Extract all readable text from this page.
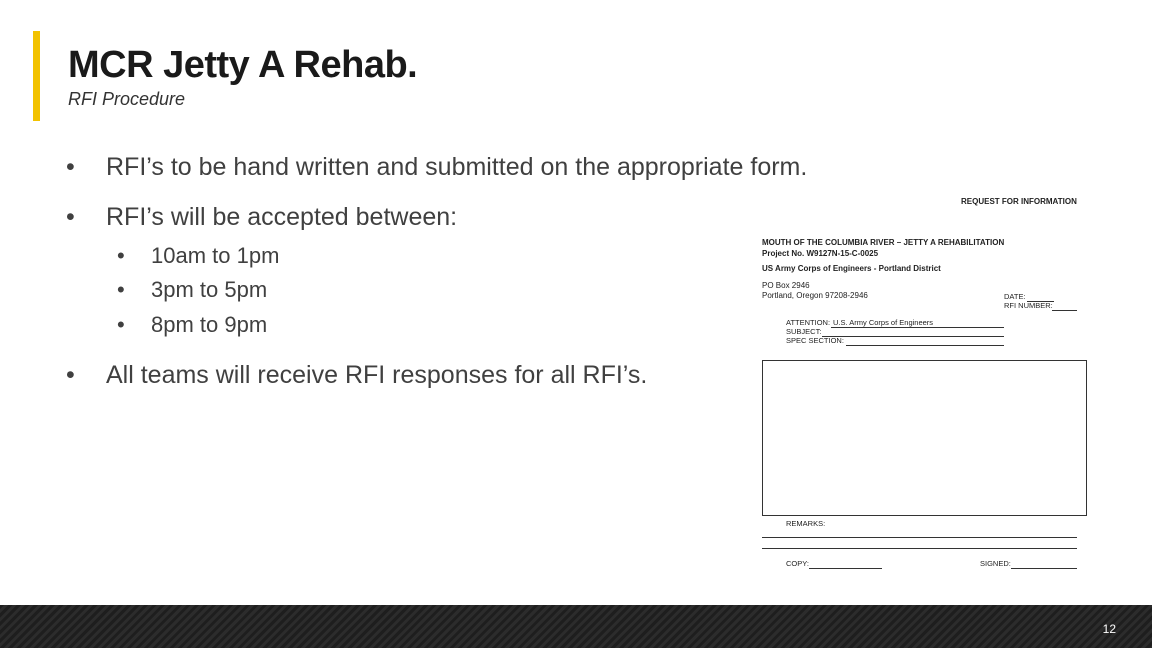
MCR Jetty A Rehab.
RFI Procedure
• RFI’s to be hand written and submitted on the appropriate form.
• RFI’s will be accepted between:
• 10am to 1pm
• 3pm to 5pm
• 8pm to 9pm
• All teams will receive RFI responses for all RFI’s.
REQUEST FOR INFORMATION
MOUTH OF THE COLUMBIA RIVER – JETTY A REHABILITATION
Project No. W9127N-15-C-0025
US Army Corps of Engineers - Portland District
PO Box 2946
Portland, Oregon 97208-2946	DATE:
RFI NUMBER:
ATTENTION: U.S. Army Corps of Engineers
SUBJECT:
SPEC SECTION:
REMARKS:
COPY:	SIGNED:
12
